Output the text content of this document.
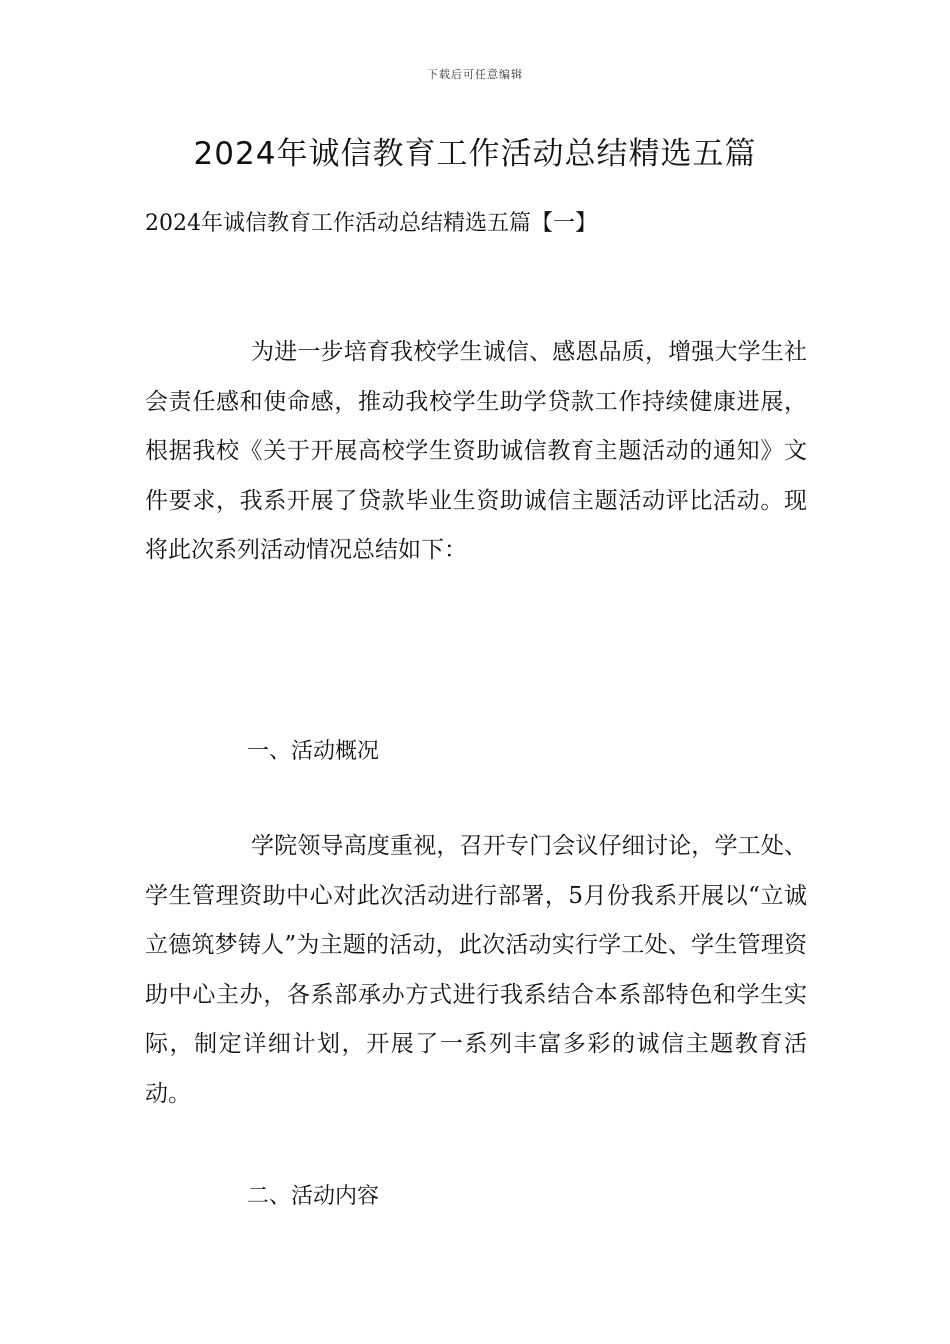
下载后可任意编辑
2024年诚信教育工作活动总结精选五篇

2024年诚信教育工作活动总结精选五篇【一】

为进一步培育我校学生诚信、感恩品质，增强大学生社会责任感和使命感，推动我校学生助学贷款工作持续健康进展，根据我校《关于开展高校学生资助诚信教育主题活动的通知》文件要求，我系开展了贷款毕业生资助诚信主题活动评比活动。现将此次系列活动情况总结如下：

一、活动概况

学院领导高度重视，召开专门会议仔细讨论，学工处、学生管理资助中心对此次活动进行部署，5月份我系开展以“立诚立德筑梦铸人”为主题的活动，此次活动实行学工处、学生管理资助中心主办，各系部承办方式进行我系结合本系部特色和学生实际，制定详细计划，开展了一系列丰富多彩的诚信主题教育活动。

二、活动内容
